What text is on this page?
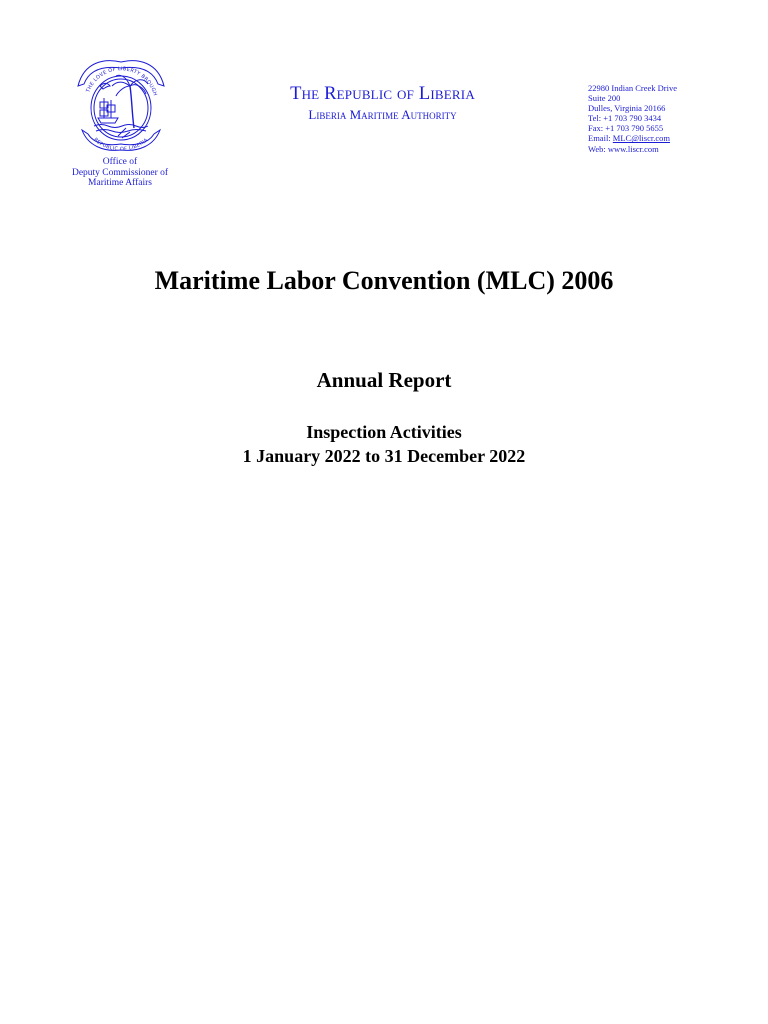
THE LOVE OF LIBERTY BROUGH
REPUBLIC OF LIBERIA
Office of
Deputy Commissioner of
Maritime Affairs
The Republic of Liberia
Liberia Maritime Authority
22980 Indian Creek Drive
Suite 200
Dulles, Virginia 20166
Tel: +1 703 790 3434
Fax: +1 703 790 5655
Email: MLC@liscr.com
Web: www.liscr.com
Maritime Labor Convention (MLC) 2006
Annual Report
Inspection Activities
1 January 2022 to 31 December 2022
